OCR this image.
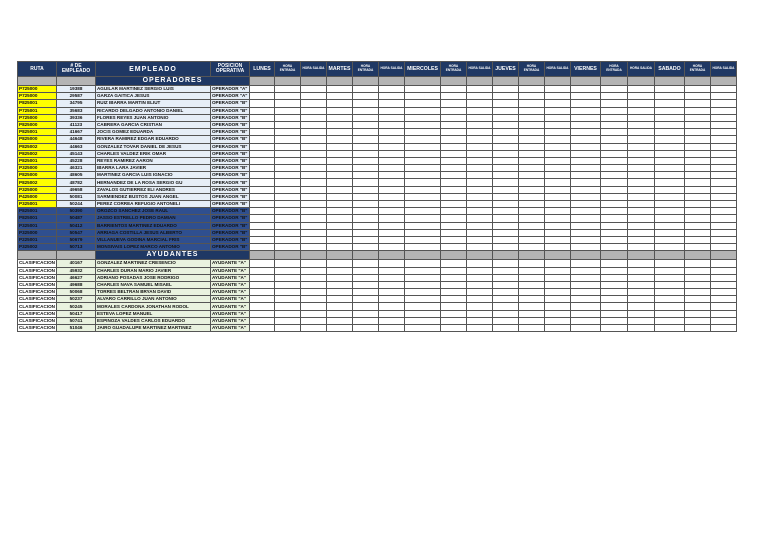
RUTA	# DE EMPLEADO	EMPLEADO	POSICION OPERATIVA	LUNES	HORA ENTRADA	HORA SALIDA	MARTES	HORA ENTRADA	HORA SALIDA	MIERCOLES	HORA ENTRADA	HORA SALIDA	JUEVES	HORA ENTRADA	HORA SALIDA	VIERNES	HORA ENTRADA	HORA SALIDA	SABADO	HORA ENTRADA	HORA SALIDA
		OPERADORES																			
P725000	19388	AGUILAR MARTINEZ SERGIO LUIS	OPERADOR "A"																		
P725000	29587	GARZA GAITICA JESUS	OPERADOR "A"																		
P825001	34795	RUIZ IBARRA MARTIN ELIUT	OPERADOR "B"																		
P725001	35683	RICARDO DELGADO ANTONIO DANIEL	OPERADOR "B"																		
P725000	39336	FLORES REYES JUAN ANTONIO	OPERADOR "B"																		
P825000	41123	CABRERA GARCIA CRISTIAN	OPERADOR "B"																		
P825001	41667	JOCIS GOMEZ EDUARDA	OPERADOR "B"																		
P825000	44648	RIVERA RAMIREZ EDGAR EDUARDO	OPERADOR "B"																		
P825002	44663	GONZALEZ TOVAR DANIEL DE JESUS	OPERADOR "B"																		
P825002	45143	CHARLES VALDEZ ERIK OMAR	OPERADOR "B"																		
P825001	45228	REYES RAMIREZ AARON	OPERADOR "B"																		
P325000	46321	IBARRA LARA JAVIER	OPERADOR "B"																		
P825000	48605	MARTINEZ GARCIA LUIS IGNACIO	OPERADOR "B"																		
P825002	48782	HERNANDEZ DE LA ROSA SERGIO GU	OPERADOR "B"																		
P325000	49658	ZAVALOS GUTIERREZ ELI ANDRES	OPERADOR "B"																		
P425000	50081	SARMIENDEZ BUSTOS JUAN ANGEL	OPERADOR "B"																		
P325001	50244	PEREZ CORREA REFUGIO ANTONELI	OPERADOR "B"																		
P825001	50390	OROZCO SANCHEZ JOSE RAUL	OPERADOR "B"																		
P825001	50487	JASSO ESTRELLO PEDRO DAMIAN	OPERADOR "B"																		
P325001	50412	BARRIENTOS MARTINEZ EDUARDO	OPERADOR "B"																		
P325000	50547	ARRIAGA COSTILLA JESUS ALBERTO	OPERADOR "B"																		
P225001	50679	VILLANUEVA GODINA MARCIAL FRIS	OPERADOR "B"																		
P325002	50713	MONSIVAIS LOPEZ MARCO ANTONIO	OPERADOR "B"																		
		AYUDANTES																			
CLASIFICACION	40167	GONZALEZ MARTINEZ CRESENCIO	AYUDANTE "A"																		
CLASIFICACION	45932	CHARLES DURAN MARIO JAVIER	AYUDANTE "A"																		
CLASIFICACION	46627	ADRIANO POSADAS JOSE RODRIGO	AYUDANTE "A"																		
CLASIFICACION	49688	CHARLES NAVA SAMUEL MISAEL	AYUDANTE "A"																		
CLASIFICACION	50068	TORRES BELTRAN BRYAN DAVID	AYUDANTE "A"																		
CLASIFICACION	50237	ALVARO CARRILLO JUAN ANTONIO	AYUDANTE "A"																		
CLASIFICACION	50245	MORALES CARDONA JONATHAN RODOL	AYUDANTE "A"																		
CLASIFICACION	50417	ESTEVA LOPEZ MANUEL	AYUDANTE "A"																		
CLASIFICACION	50741	ESPINOZA VALDES CARLOS EDUARDO	AYUDANTE "A"																		
CLASIFICACION	51046	JAIRO GUADALUPE MARTINEZ MARTINEZ	AYUDANTE "A"																		
